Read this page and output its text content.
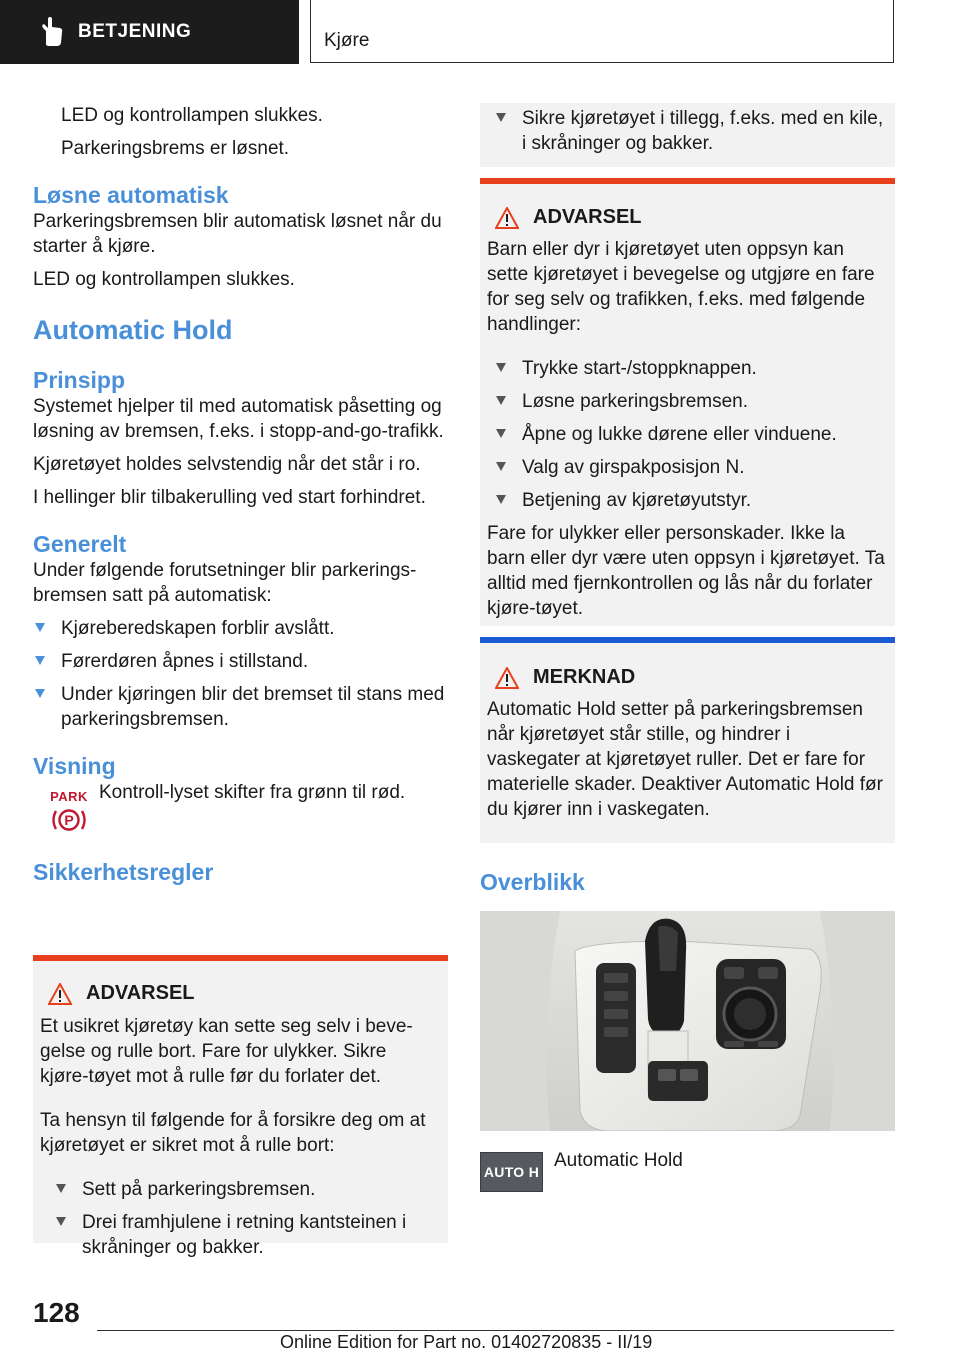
BETJENING	Kjøre

LED og kontrollampen slukkes.

Parkeringsbrems er løsnet.

Løsne automatisk

Parkeringsbremsen blir automatisk løsnet når du starter å kjøre.

LED og kontrollampen slukkes.

Automatic Hold

Prinsipp

Systemet hjelper til med automatisk påsetting og løsning av bremsen, f.eks. i stopp-and-go-trafikk.

Kjøretøyet holdes selvstendig når det står i ro.

I hellinger blir tilbakerulling ved start forhindret.

Generelt

Under følgende forutsetninger blir parkerings-bremsen satt på automatisk:

Kjørеberedskapen forblir avslått.
Førerdøren åpnes i stillstand.
Under kjøringen blir det bremset til stans med parkeringsbremsen.

Visning

PARK
P

Kontroll-lyset skifter fra grønn til rød.

Sikkerhetsregler

ADVARSEL

Et usikret kjøretøy kan sette seg selv i beve-gelse og rulle bort. Fare for ulykker. Sikre kjøre-tøyet mot å rulle før du forlater det.

Ta hensyn til følgende for å forsikre deg om at kjøretøyet er sikret mot å rulle bort:

Sett på parkeringsbremsen.
Drei framhjulene i retning kantsteinen i skråninger og bakker.
Sikre kjøretøyet i tillegg, f.eks. med en kile, i skråninger og bakker.
ADVARSEL

Barn eller dyr i kjøretøyet uten oppsyn kan sette kjøretøyet i bevegelse og utgjøre en fare for seg selv og trafikken, f.eks. med følgende handlinger:

Trykke start-/stoppknappen.
Løsne parkeringsbremsen.
Åpne og lukke dørene eller vinduene.
Valg av girspakposisjon N.
Betjening av kjøretøyutstyr.

Fare for ulykker eller personskader. Ikke la barn eller dyr være uten oppsyn i kjøretøyet. Ta alltid med fjernkontrollen og lås når du forlater kjøre-tøyet.

MERKNAD

Automatic Hold setter på parkeringsbremsen når kjøretøyet står stille, og hindrer i vaskegater at kjøretøyet ruller. Det er fare for materielle skader. Deaktiver Automatic Hold før du kjører inn i vaskegaten.

Overblikk

AUTO H

Automatic Hold

128
Online Edition for Part no. 01402720835 - II/19
